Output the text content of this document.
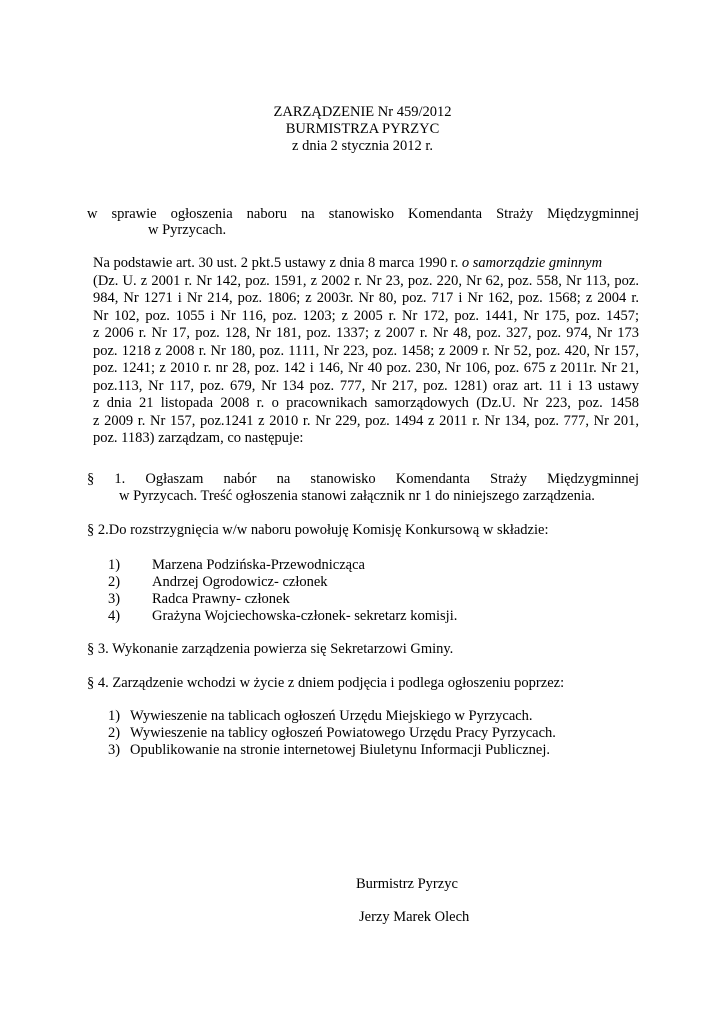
ZARZĄDZENIE Nr 459/2012
BURMISTRZA PYRZYC
z dnia 2 stycznia 2012 r.
w sprawie ogłoszenia naboru na stanowisko Komendanta Straży Międzygminnej
w Pyrzycach.
Na podstawie art. 30 ust. 2 pkt.5 ustawy z dnia 8 marca 1990 r. o samorządzie gminnym
(Dz. U. z 2001 r. Nr 142, poz. 1591, z 2002 r. Nr 23, poz. 220, Nr 62, poz. 558, Nr 113, poz.
984, Nr 1271 i Nr 214, poz. 1806; z 2003r. Nr 80, poz. 717 i Nr 162, poz. 1568; z 2004 r.
Nr 102, poz. 1055 i Nr 116, poz. 1203; z 2005 r. Nr 172, poz. 1441, Nr 175, poz. 1457;
z 2006 r. Nr 17, poz. 128, Nr 181, poz. 1337; z 2007 r. Nr 48, poz. 327, poz. 974, Nr 173
poz. 1218 z 2008 r. Nr 180, poz. 1111, Nr 223, poz. 1458; z 2009 r. Nr 52, poz. 420, Nr 157,
poz. 1241; z 2010 r. nr 28, poz. 142 i 146, Nr 40 poz. 230, Nr 106, poz. 675 z 2011r. Nr 21,
poz.113, Nr 117, poz. 679, Nr 134 poz. 777, Nr 217, poz. 1281) oraz art. 11 i 13 ustawy
z dnia 21 listopada 2008 r. o pracownikach samorządowych (Dz.U. Nr 223, poz. 1458
z 2009 r. Nr 157, poz.1241 z 2010 r. Nr 229, poz. 1494 z 2011 r. Nr 134, poz. 777, Nr 201,
poz. 1183) zarządzam, co następuje:
§ 1. Ogłaszam nabór na stanowisko Komendanta Straży Międzygminnej
w Pyrzycach. Treść ogłoszenia stanowi załącznik nr 1 do niniejszego zarządzenia.
§ 2.Do rozstrzygnięcia w/w naboru powołuję Komisję Konkursową w składzie:
1) Marzena Podzińska-Przewodnicząca
2) Andrzej Ogrodowicz- członek
3) Radca Prawny- członek
4) Grażyna Wojciechowska-członek- sekretarz komisji.
§ 3. Wykonanie zarządzenia powierza się Sekretarzowi Gminy.
§ 4. Zarządzenie wchodzi w życie z dniem podjęcia i podlega ogłoszeniu poprzez:
1) Wywieszenie na tablicach ogłoszeń Urzędu Miejskiego w Pyrzycach.
2) Wywieszenie na tablicy ogłoszeń Powiatowego Urzędu Pracy Pyrzycach.
3) Opublikowanie na stronie internetowej Biuletynu Informacji Publicznej.
Burmistrz Pyrzyc
Jerzy Marek Olech
